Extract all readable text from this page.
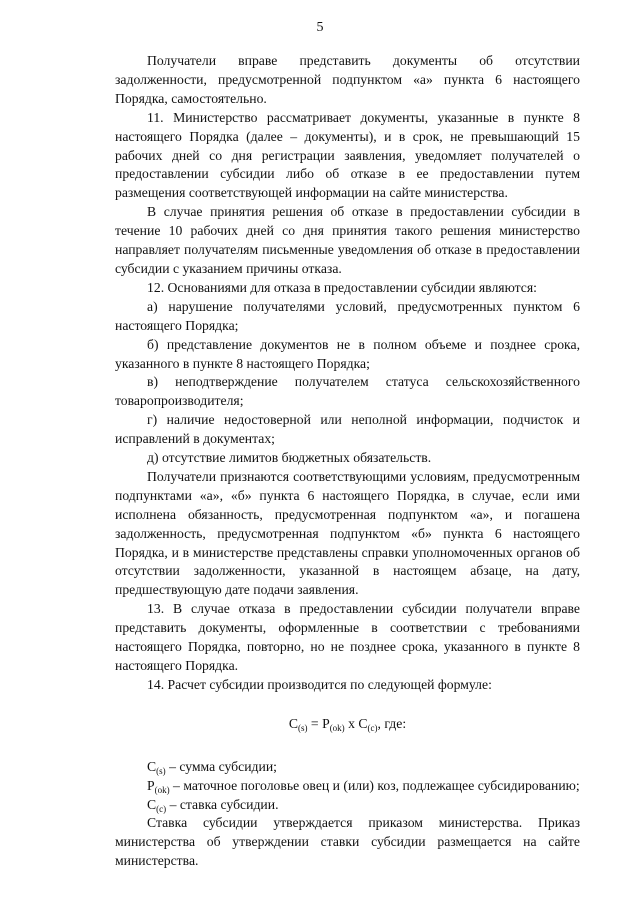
5

Получатели вправе представить документы об отсутствии задолженности, предусмотренной подпунктом «а» пункта 6 настоящего Порядка, самостоятельно.

11. Министерство рассматривает документы, указанные в пункте 8 настоящего Порядка (далее – документы), и в срок, не превышающий 15 рабочих дней со дня регистрации заявления, уведомляет получателей о предоставлении субсидии либо об отказе в ее предоставлении путем размещения соответствующей информации на сайте министерства.

В случае принятия решения об отказе в предоставлении субсидии в течение 10 рабочих дней со дня принятия такого решения министерство направляет получателям письменные уведомления об отказе в предоставлении субсидии с указанием причины отказа.

12. Основаниями для отказа в предоставлении субсидии являются:

а) нарушение получателями условий, предусмотренных пунктом 6 настоящего Порядка;

б) представление документов не в полном объеме и позднее срока, указанного в пункте 8 настоящего Порядка;

в) неподтверждение получателем статуса сельскохозяйственного товаропроизводителя;

г) наличие недостоверной или неполной информации, подчисток и исправлений в документах;

д) отсутствие лимитов бюджетных обязательств.

Получатели признаются соответствующими условиям, предусмотренным подпунктами «а», «б» пункта 6 настоящего Порядка, в случае, если ими исполнена обязанность, предусмотренная подпунктом «а», и погашена задолженность, предусмотренная подпунктом «б» пункта 6 настоящего Порядка, и в министерстве представлены справки уполномоченных органов об отсутствии задолженности, указанной в настоящем абзаце, на дату, предшествующую дате подачи заявления.

13. В случае отказа в предоставлении субсидии получатели вправе представить документы, оформленные в соответствии с требованиями настоящего Порядка, повторно, но не позднее срока, указанного в пункте 8 настоящего Порядка.

14. Расчет субсидии производится по следующей формуле:

$C_{(s)} = P_{(ok)}$ x $C_{(c)}$, где:

$C_{(s)}$ – сумма субсидии;

$P_{(ok)}$ – маточное поголовье овец и (или) коз, подлежащее субсидированию;

$C_{(c)}$ – ставка субсидии.

Ставка субсидии утверждается приказом министерства. Приказ министерства об утверждении ставки субсидии размещается на сайте министерства.
